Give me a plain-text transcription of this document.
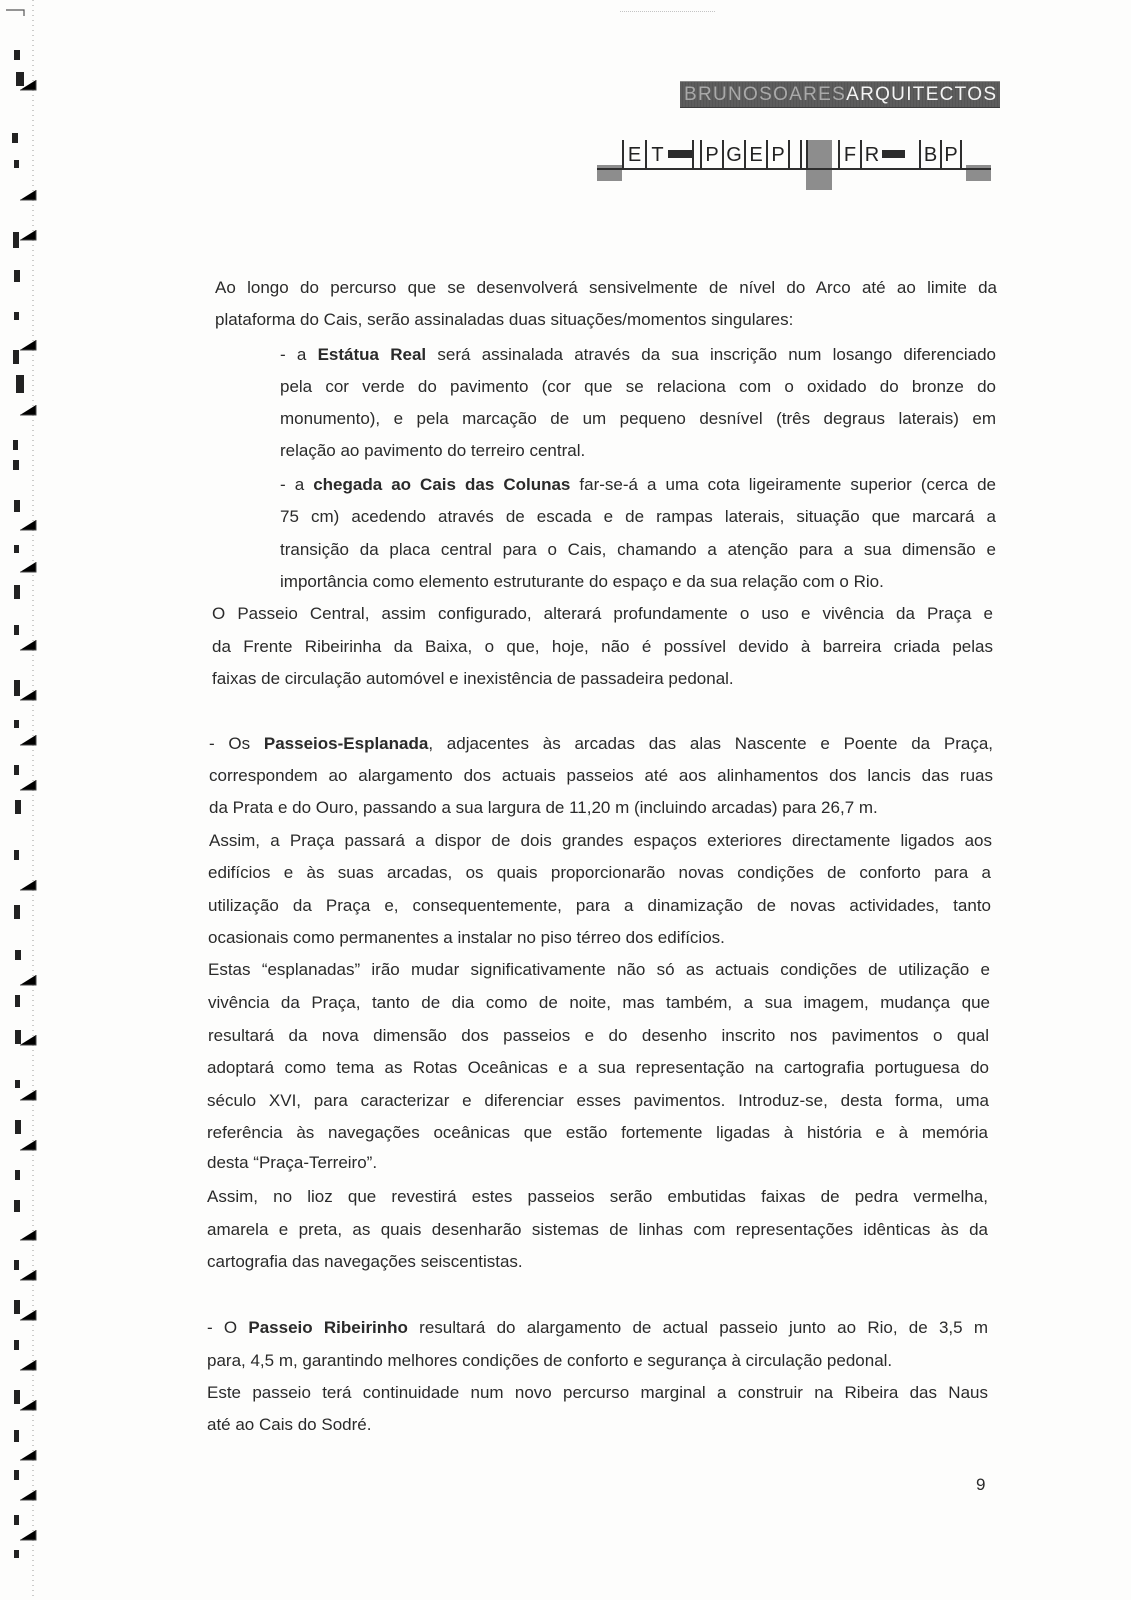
BRUNOSOARESARQUITECTOS
E T P G E P	F R B P
Ao longo do percurso que se desenvolverá sensivelmente de nível do Arco até ao limite da
plataforma do Cais, serão assinaladas duas situações/momentos singulares:
- a Estátua Real será assinalada através da sua inscrição num losango diferenciado
pela cor verde do pavimento (cor que se relaciona com o oxidado do bronze do
monumento), e pela marcação de um pequeno desnível (três degraus laterais) em
relação ao pavimento do terreiro central.
- a chegada ao Cais das Colunas far-se-á a uma cota ligeiramente superior (cerca de
75 cm) acedendo através de escada e de rampas laterais, situação que marcará a
transição da placa central para o Cais, chamando a atenção para a sua dimensão e
importância como elemento estruturante do espaço e da sua relação com o Rio.
O Passeio Central, assim configurado, alterará profundamente o uso e vivência da Praça e
da Frente Ribeirinha da Baixa, o que, hoje, não é possível devido à barreira criada pelas
faixas de circulação automóvel e inexistência de passadeira pedonal.
- Os Passeios-Esplanada, adjacentes às arcadas das alas Nascente e Poente da Praça,
correspondem ao alargamento dos actuais passeios até aos alinhamentos dos lancis das ruas
da Prata e do Ouro, passando a sua largura de 11,20 m (incluindo arcadas) para 26,7 m.
Assim, a Praça passará a dispor de dois grandes espaços exteriores directamente ligados aos
edifícios e às suas arcadas, os quais proporcionarão novas condições de conforto para a
utilização da Praça e, consequentemente, para a dinamização de novas actividades, tanto
ocasionais como permanentes a instalar no piso térreo dos edifícios.
Estas “esplanadas” irão mudar significativamente não só as actuais condições de utilização e
vivência da Praça, tanto de dia como de noite, mas também, a sua imagem, mudança que
resultará da nova dimensão dos passeios e do desenho inscrito nos pavimentos o qual
adoptará como tema as Rotas Oceânicas e a sua representação na cartografia portuguesa do
século XVI, para caracterizar e diferenciar esses pavimentos. Introduz-se, desta forma, uma
referência às navegações oceânicas que estão fortemente ligadas à história e à memória
desta “Praça-Terreiro”.
Assim, no lioz que revestirá estes passeios serão embutidas faixas de pedra vermelha,
amarela e preta, as quais desenharão sistemas de linhas com representações idênticas às da
cartografia das navegações seiscentistas.
- O Passeio Ribeirinho resultará do alargamento de actual passeio junto ao Rio, de 3,5 m
para, 4,5 m, garantindo melhores condições de conforto e segurança à circulação pedonal.
Este passeio terá continuidade num novo percurso marginal a construir na Ribeira das Naus
até ao Cais do Sodré.
9
